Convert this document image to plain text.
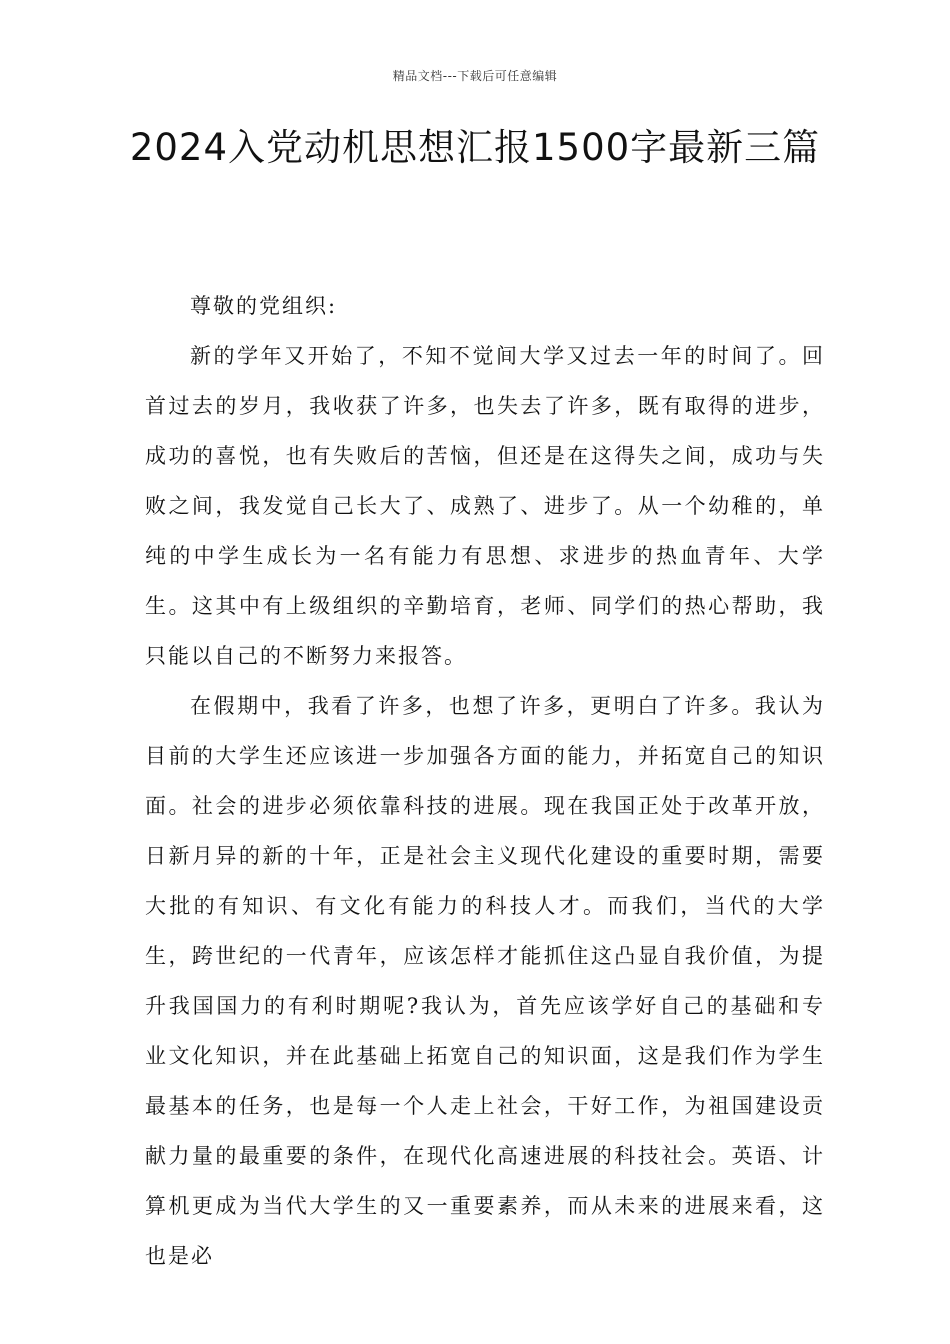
精品文档---下载后可任意编辑
2024入党动机思想汇报1500字最新三篇

尊敬的党组织:

新的学年又开始了，不知不觉间大学又过去一年的时间了。回首过去的岁月，我收获了许多，也失去了许多，既有取得的进步，成功的喜悦，也有失败后的苦恼，但还是在这得失之间，成功与失败之间，我发觉自己长大了、成熟了、进步了。从一个幼稚的，单纯的中学生成长为一名有能力有思想、求进步的热血青年、大学生。这其中有上级组织的辛勤培育，老师、同学们的热心帮助，我只能以自己的不断努力来报答。

在假期中，我看了许多，也想了许多，更明白了许多。我认为目前的大学生还应该进一步加强各方面的能力，并拓宽自己的知识面。社会的进步必须依靠科技的进展。现在我国正处于改革开放，日新月异的新的十年，正是社会主义现代化建设的重要时期，需要大批的有知识、有文化有能力的科技人才。而我们，当代的大学生，跨世纪的一代青年，应该怎样才能抓住这凸显自我价值，为提升我国国力的有利时期呢?我认为，首先应该学好自己的基础和专业文化知识，并在此基础上拓宽自己的知识面，这是我们作为学生最基本的任务，也是每一个人走上社会，干好工作，为祖国建设贡献力量的最重要的条件，在现代化高速进展的科技社会。英语、计算机更成为当代大学生的又一重要素养，而从未来的进展来看，这也是必
